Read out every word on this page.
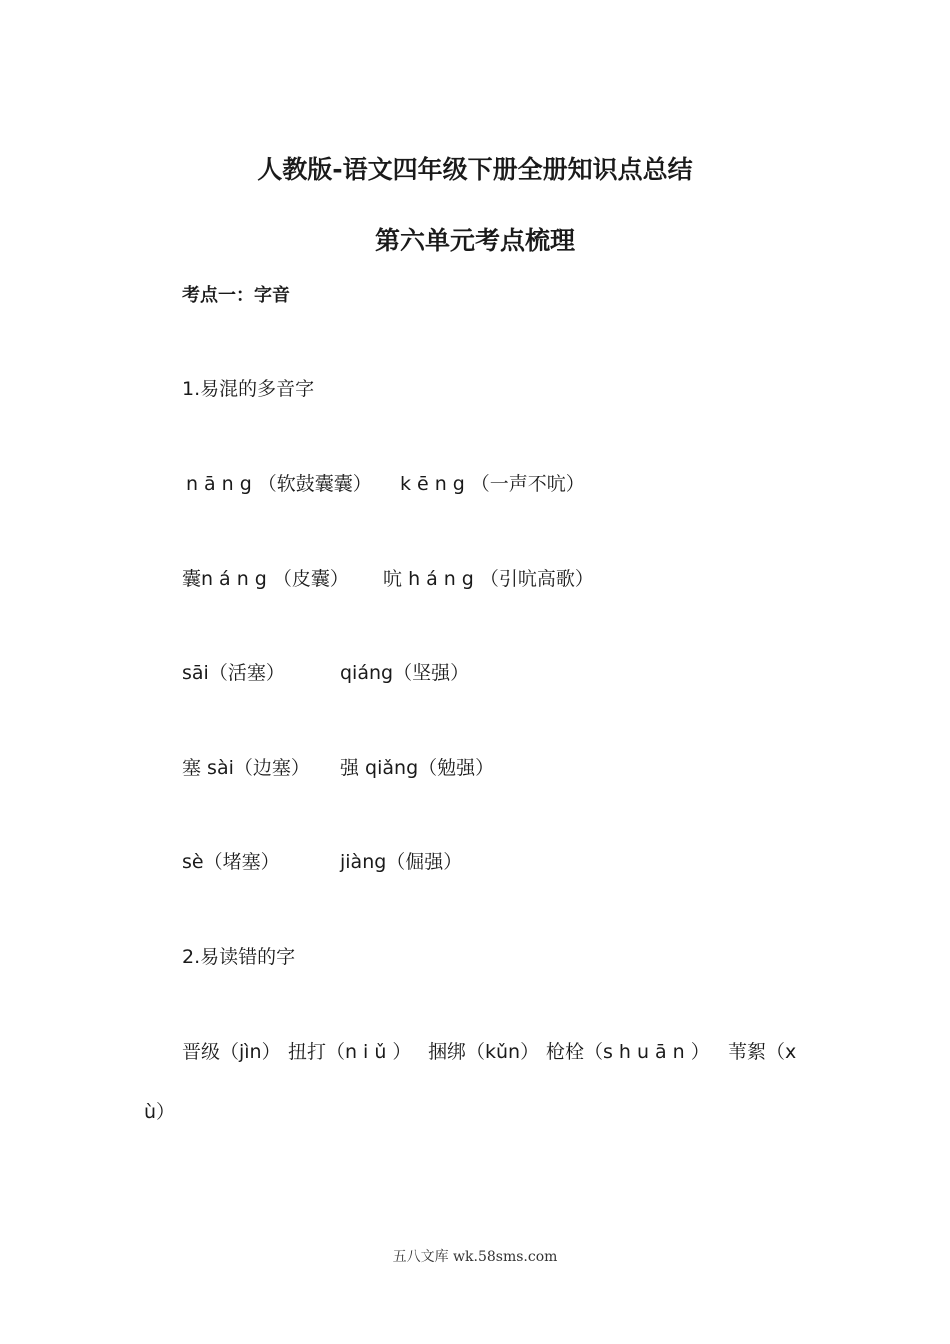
人教版-语文四年级下册全册知识点总结
第六单元考点梳理
考点一：字音
1.易混的多音字
nāng（软鼓囊囊） kēng（一声不吭）
囊náng（皮囊） 吭 háng（引吭高歌）
sāi（活塞）	qiáng（坚强）
塞 sài（边塞） 强 qiǎng（勉强）
sè（堵塞）	jiàng（倔强）
2.易读错的字
晋级（jìn） 扭打（niǔ） 捆绑（kǔn） 枪栓（shuān） 苇絮（x
ù）
五八文库 wk.58sms.com
